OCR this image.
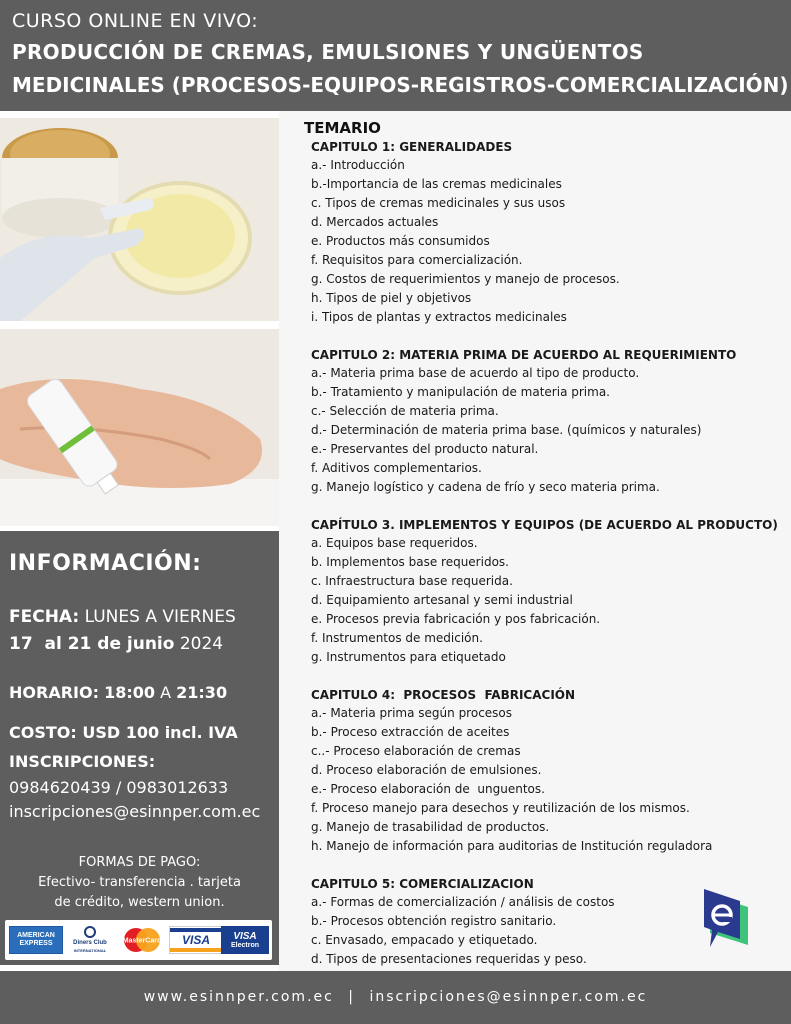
CURSO ONLINE EN VIVO:
PRODUCCIÓN DE CREMAS, EMULSIONES Y UNGÜENTOS
MEDICINALES (PROCESOS-EQUIPOS-REGISTROS-COMERCIALIZACIÓN)
INFORMACIÓN:
FECHA: LUNES A VIERNES
17  al 21 de junio 2024
HORARIO: 18:00 A 21:30
COSTO: USD 100 incl. IVA
INSCRIPCIONES:
0984620439 / 0983012633
inscripciones@esinnper.com.ec
FORMAS DE PAGO:
Efectivo- transferencia . tarjeta
de crédito, western union.
AMERICAN
EXPRESS	Diners Club
INTERNATIONAL
MasterCard	VISA	VISA
Electron
TEMARIO
CAPITULO 1: GENERALIDADES
a.- Introducción
b.-Importancia de las cremas medicinales
c. Tipos de cremas medicinales y sus usos
d. Mercados actuales
e. Productos más consumidos
f. Requisitos para comercialización.
g. Costos de requerimientos y manejo de procesos.
h. Tipos de piel y objetivos
i. Tipos de plantas y extractos medicinales
CAPITULO 2: MATERIA PRIMA DE ACUERDO AL REQUERIMIENTO
a.- Materia prima base de acuerdo al tipo de producto.
b.- Tratamiento y manipulación de materia prima.
c.- Selección de materia prima.
d.- Determinación de materia prima base. (químicos y naturales)
e.- Preservantes del producto natural.
f. Aditivos complementarios.
g. Manejo logístico y cadena de frío y seco materia prima.
CAPÍTULO 3. IMPLEMENTOS Y EQUIPOS (DE ACUERDO AL PRODUCTO)
a. Equipos base requeridos.
b. Implementos base requeridos.
c. Infraestructura base requerida.
d. Equipamiento artesanal y semi industrial
e. Procesos previa fabricación y pos fabricación.
f. Instrumentos de medición.
g. Instrumentos para etiquetado
CAPITULO 4:  PROCESOS  FABRICACIÓN
a.- Materia prima según procesos
b.- Proceso extracción de aceites
c..- Proceso elaboración de cremas
d. Proceso elaboración de emulsiones.
e.- Proceso elaboración de  unguentos.
f. Proceso manejo para desechos y reutilización de los mismos.
g. Manejo de trasabilidad de productos.
h. Manejo de información para auditorias de Institución reguladora
CAPITULO 5: COMERCIALIZACION
a.- Formas de comercialización / análisis de costos
b.- Procesos obtención registro sanitario.
c. Envasado, empacado y etiquetado.
d. Tipos de presentaciones requeridas y peso.
www.esinnper.com.ec | inscripciones@esinnper.com.ec
